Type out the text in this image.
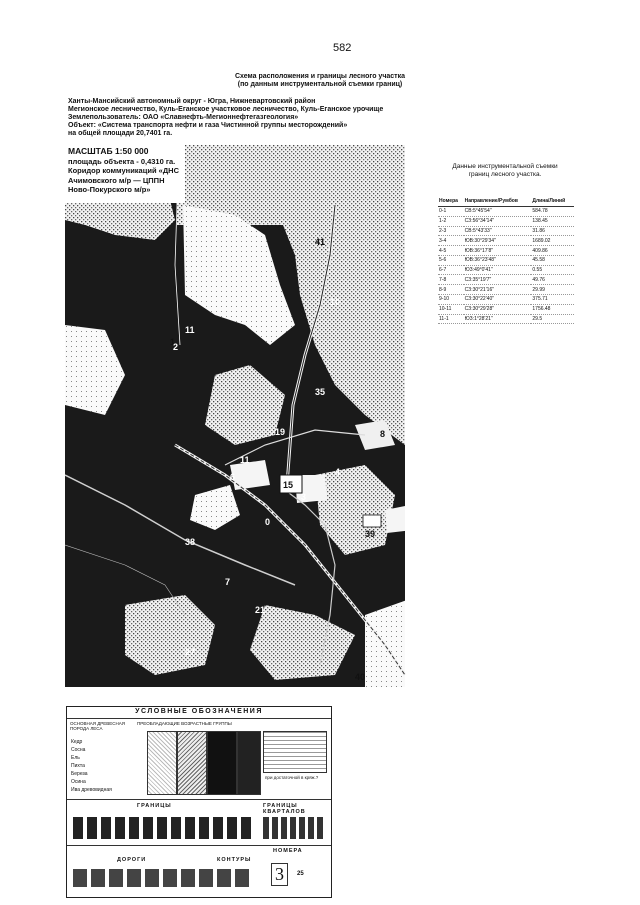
582
Схема расположения и границы лесного участка
(по данным инструментальной съемки границ)
Ханты-Мансийский автономный округ - Югра, Нижневартовский район
Мегионское лесничество, Куль-Еганское участковое лесничество, Куль-Еганское урочище
Землепользователь: ОАО «Славнефть-Мегионнефтегазгеология»
Объект: «Система транспорта нефти и газа Чистинной группы месторождений»
на общей площади 20,7401 га.
11
11
15
38
21
27
41
40
39
6
19
35
1
2
3
4
7
8
10
0
МАСШТАБ 1:50 000
площадь объекта - 0,4310 га.
Коридор коммуникаций «ДНС
Ачимовского м/р — ЦППН
Ново-Покурского м/р»
Данные инструментальной съемки
границ лесного участка.
Номера	Направление/Румбов	Длина/Линий
0-1	СВ:5°45'54"	584.78
1-2	СЗ:56°34'14"	138.45
2-3	СВ:5°43'33"	31.86
3-4	ЮВ:30°29'34"	1689.02
4-5	ЮВ:36°17'8"	409.86
5-6	ЮВ:36°23'48"	45.58
6-7	ЮЗ:49°0'41"	0.55
7-8	СЗ:35°19'7"	49.76
8-9	СЗ:30°21'16"	29.99
9-10	СЗ:30°22'40"	375.71
10-11	СЗ:30°29'28"	1756.48
11-1	ЮЗ:1°28'21"	29.5
УСЛОВНЫЕ ОБОЗНАЧЕНИЯ
ОСНОВНАЯ ДРЕВЕСНАЯ ПОРОДА ЛЕСА
ПРЕОБЛАДАЮЩИЕ ВОЗРАСТНЫЕ ГРУППЫ
Кедр
Сосна
Ель
Пихта
Береза
Осина
Ива древовидная
при достаточной в кряж.?
ГРАНИЦЫ	ГРАНИЦЫ КВАРТАЛОВ
ДОРОГИ	КОНТУРЫ
НОМЕРА
3	25
